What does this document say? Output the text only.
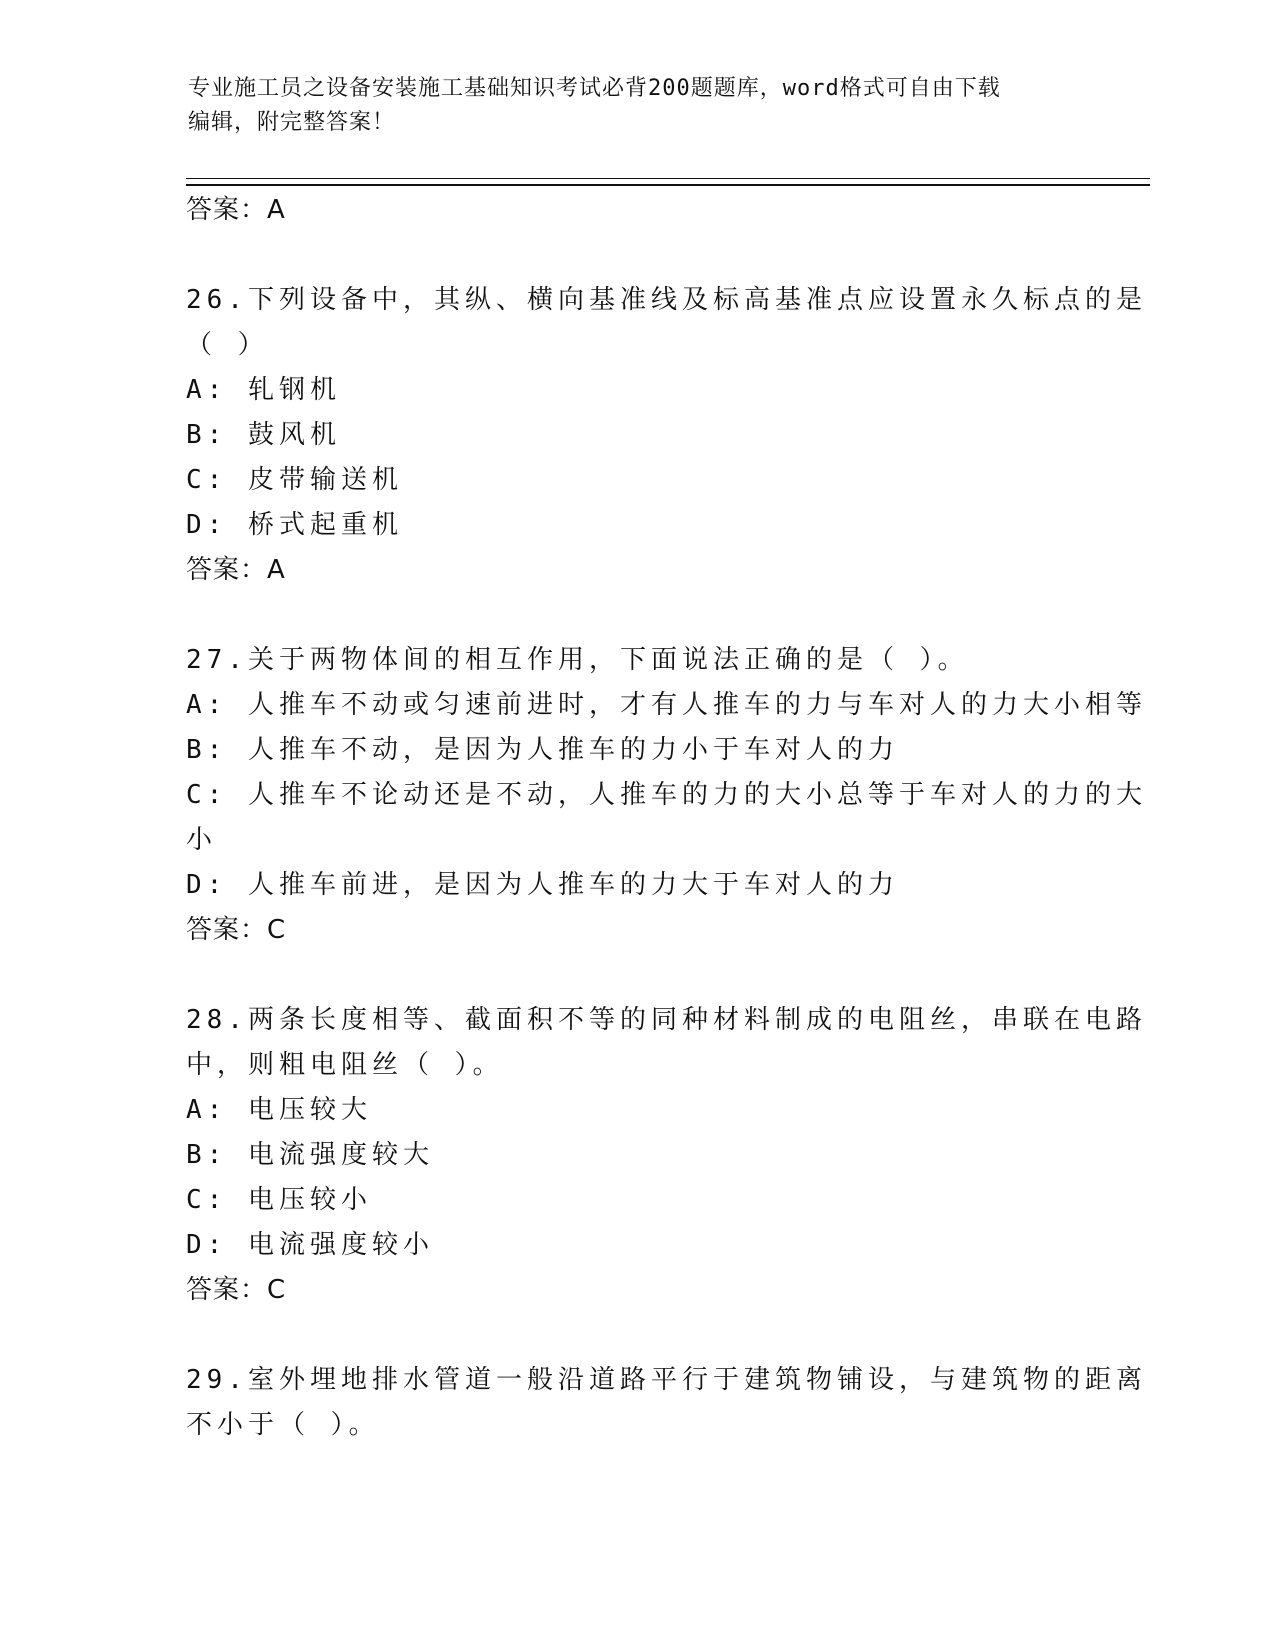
专业施工员之设备安装施工基础知识考试必背200题题库，word格式可自由下载
编辑，附完整答案！
答案：A
26.下列设备中，其纵、横向基准线及标高基准点应设置永久标点的是
（ ）
A: 轧钢机
B: 鼓风机
C: 皮带输送机
D: 桥式起重机
答案：A
27.关于两物体间的相互作用，下面说法正确的是（ ）。
A: 人推车不动或匀速前进时，才有人推车的力与车对人的力大小相等
B: 人推车不动，是因为人推车的力小于车对人的力
C: 人推车不论动还是不动，人推车的力的大小总等于车对人的力的大
小
D: 人推车前进，是因为人推车的力大于车对人的力
答案：C
28.两条长度相等、截面积不等的同种材料制成的电阻丝，串联在电路
中，则粗电阻丝（ ）。
A: 电压较大
B: 电流强度较大
C: 电压较小
D: 电流强度较小
答案：C
29.室外埋地排水管道一般沿道路平行于建筑物铺设，与建筑物的距离
不小于（ ）。
